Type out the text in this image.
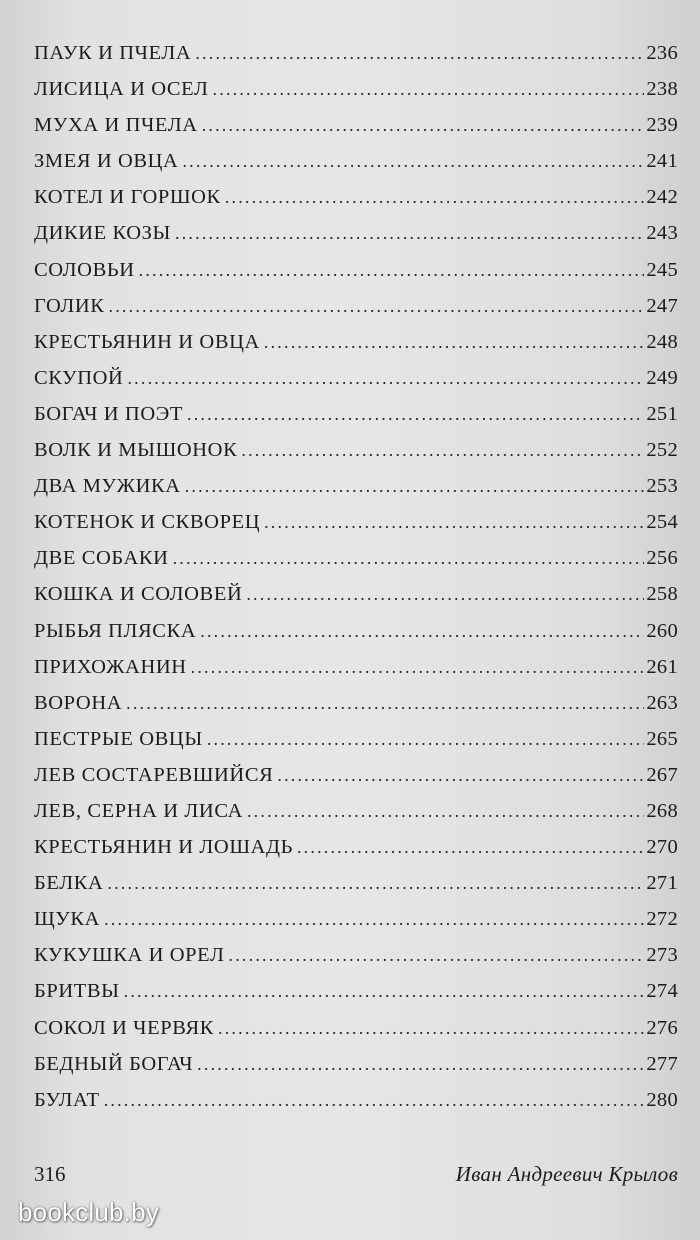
ПАУК И ПЧЕЛА .....	236
ЛИСИЦА И ОСЕЛ .....	238
МУХА И ПЧЕЛА .....	239
ЗМЕЯ И ОВЦА .....	241
КОТЕЛ И ГОРШОК .....	242
ДИКИЕ КОЗЫ .....	243
СОЛОВЬИ .....	245
ГОЛИК .....	247
КРЕСТЬЯНИН И ОВЦА .....	248
СКУПОЙ .....	249
БОГАЧ И ПОЭТ .....	251
ВОЛК И МЫШОНОК .....	252
ДВА МУЖИКА .....	253
КОТЕНОК И СКВОРЕЦ .....	254
ДВЕ СОБАКИ .....	256
КОШКА И СОЛОВЕЙ .....	258
РЫБЬЯ ПЛЯСКА .....	260
ПРИХОЖАНИН .....	261
ВОРОНА .....	263
ПЕСТРЫЕ ОВЦЫ .....	265
ЛЕВ СОСТАРЕВШИЙСЯ .....	267
ЛЕВ, СЕРНА И ЛИСА .....	268
КРЕСТЬЯНИН И ЛОШАДЬ .....	270
БЕЛКА .....	271
ЩУКА .....	272
КУКУШКА И ОРЕЛ .....	273
БРИТВЫ .....	274
СОКОЛ И ЧЕРВЯК .....	276
БЕДНЫЙ БОГАЧ .....	277
БУЛАТ .....	280
316	Иван Андреевич Крылов
bookclub.by
